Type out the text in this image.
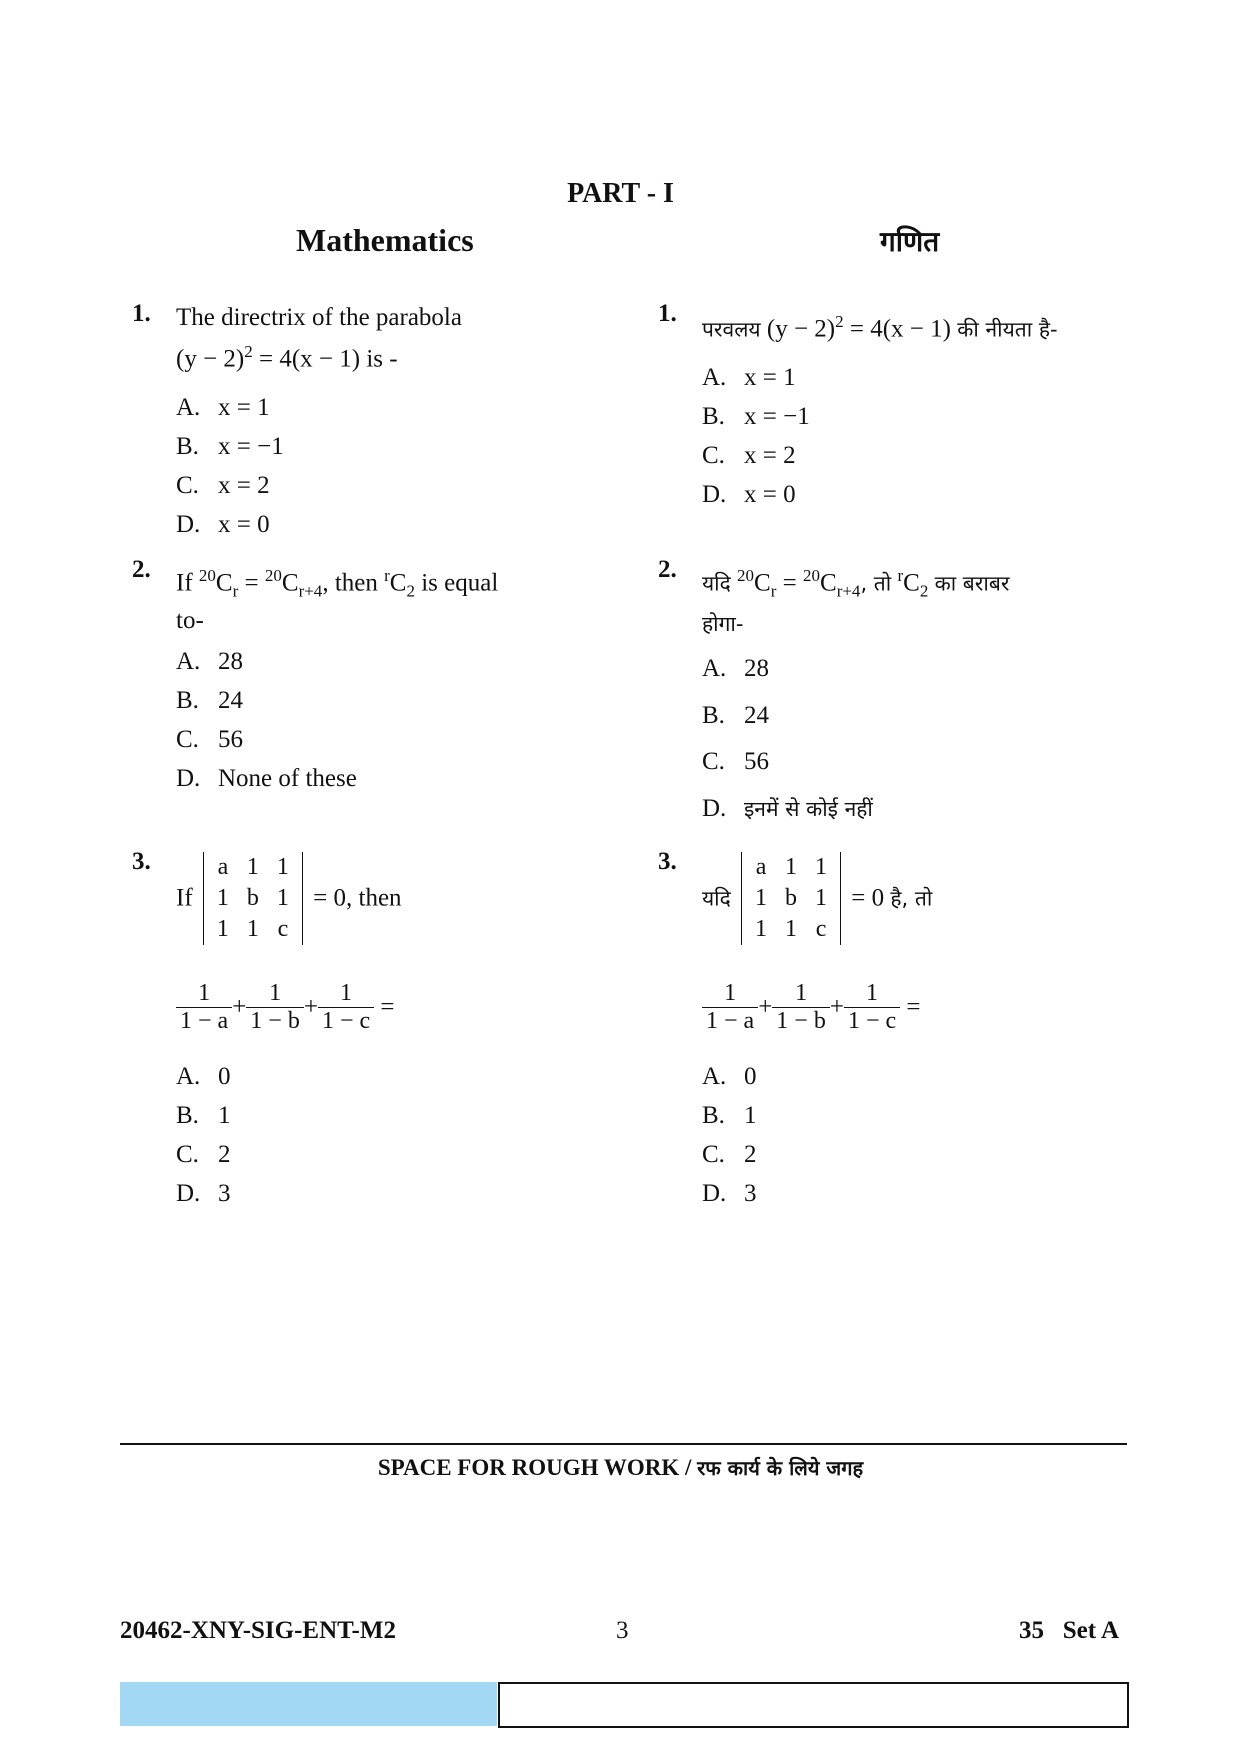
PART - I
Mathematics	गणित
1. The directrix of the parabola
$(y - 2)^2 = 4(x - 1)$ is -
A. x = 1
B. x = −1
C. x = 2
D. x = 0
2. If $^{20}C_r = ^{20}C_{r+4}$, then $^rC_2$ is equal
to-
A. 28
B. 24
C. 56
D. None of these
3.
If
a	1	1
1	b	1
1	1	c
= 0, then
$\frac{1}{1 - a} + \frac{1}{1 - b} + \frac{1}{1 - c}$ =
A. 0
B. 1
C. 2
D. 3
1.
परवलय $(y - 2)^2 = 4(x - 1)$ की नीयता है-
A. x = 1
B. x = −1
C. x = 2
D. x = 0
2.
यदि $^{20}C_r = ^{20}C_{r+4}$, तो $^rC_2$ का बराबर
होगा-
A. 28
B. 24
C. 56
D. इनमें से कोई नहीं
3.
यदि
a	1	1
1	b	1
1	1	c
= 0 है, तो
$\frac{1}{1 - a} + \frac{1}{1 - b} + \frac{1}{1 - c}$ =
A. 0
B. 1
C. 2
D. 3
SPACE FOR ROUGH WORK / रफ कार्य के लिये जगह
20462-XNY-SIG-ENT-M2	3	35   Set A
